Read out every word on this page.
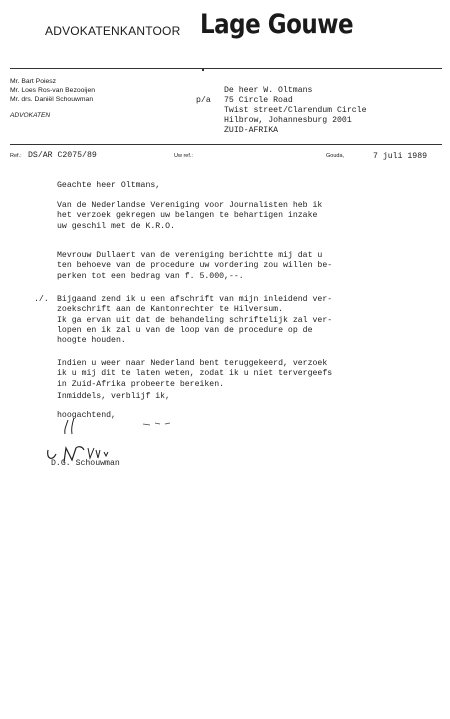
ADVOKATENKANTOOR Lage Gouwe
Mr. Bart Poiesz
Mr. Loes Ros-van Bezooijen
Mr. drs. Daniël Schouwman
ADVOKATEN
p/a
De heer W. Oltmans
75 Circle Road
Twist street/Clarendum Circle
Hilbrow, Johannesburg 2001
ZUID-AFRIKA
Ref.: DS/AR C2075/89	Uw ref.:	Gouda,	7 juli 1989
Geachte heer Oltmans,
Van de Nederlandse Vereniging voor Journalisten heb ik
het verzoek gekregen uw belangen te behartigen inzake
uw geschil met de K.R.O.
Mevrouw Dullaert van de vereniging berichtte mij dat u
ten behoeve van de procedure uw vordering zou willen be-
perken tot een bedrag van f. 5.000,--.
./. Bijgaand zend ik u een afschrift van mijn inleidend ver-
zoekschrift aan de Kantonrechter te Hilversum.
Ik ga ervan uit dat de behandeling schriftelijk zal ver-
lopen en ik zal u van de loop van de procedure op de
hoogte houden.
Indien u weer naar Nederland bent teruggekeerd, verzoek
ik u mij dit te laten weten, zodat ik u niet tervergeefs
in Zuid-Afrika probeerte bereiken.
Inmiddels, verblijf ik,
hoogachtend,
D.G. Schouwman
